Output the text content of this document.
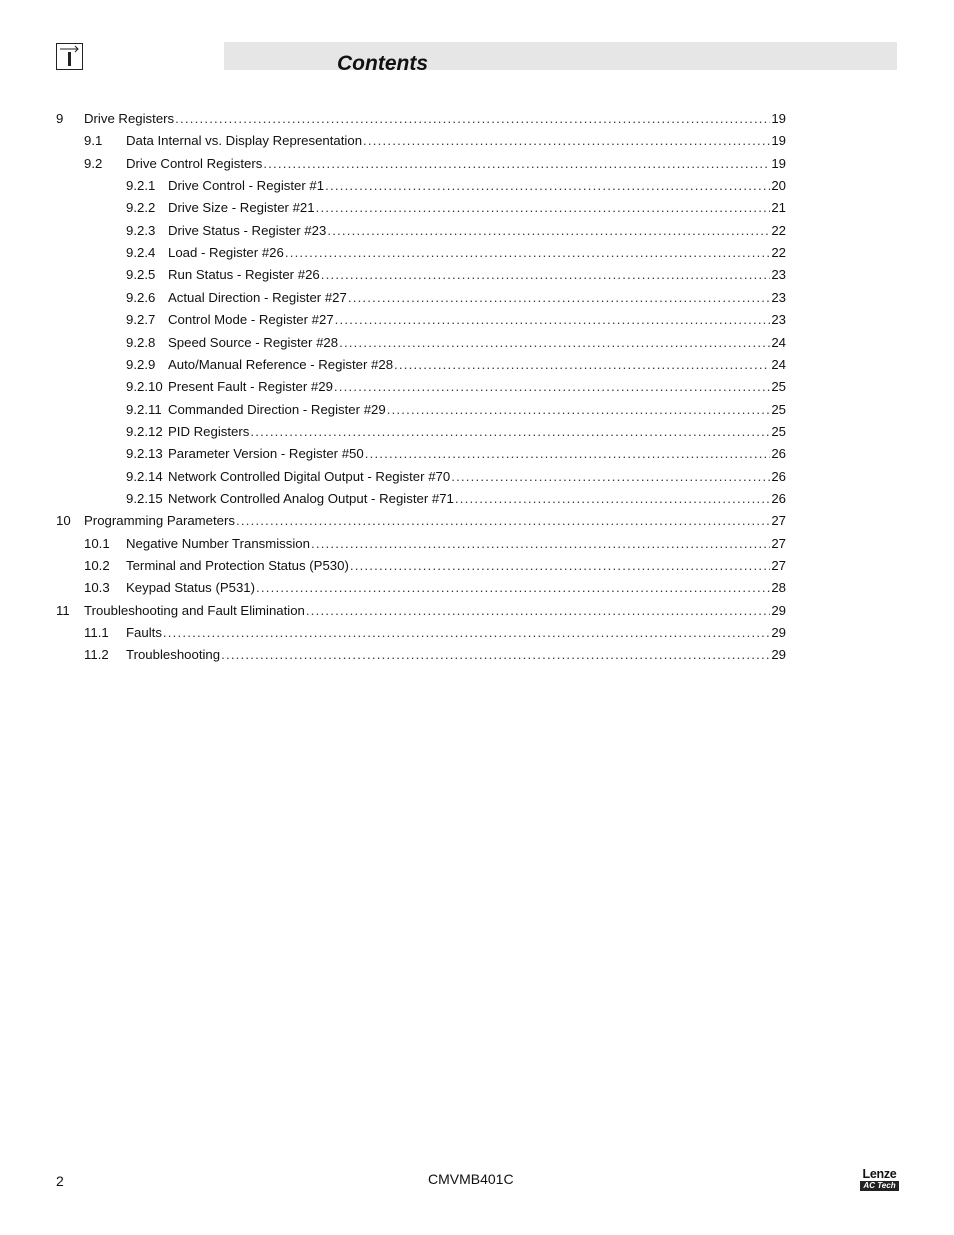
Contents
9	Drive Registers .....	19
9.1	Data Internal vs. Display Representation .....	19
9.2	Drive Control Registers .....	19
9.2.1 Drive Control - Register #1 .....	20
9.2.2 Drive Size - Register #21 .....	21
9.2.3 Drive Status - Register #23 .....	22
9.2.4 Load - Register #26 .....	22
9.2.5 Run Status - Register #26 .....	23
9.2.6 Actual Direction - Register #27 .....	23
9.2.7 Control Mode - Register #27 .....	23
9.2.8 Speed Source - Register #28 .....	24
9.2.9 Auto/Manual Reference - Register #28 .....	24
9.2.10 Present Fault - Register #29 .....	25
9.2.11 Commanded Direction - Register #29 .....	25
9.2.12 PID Registers .....	25
9.2.13 Parameter Version - Register #50 .....	26
9.2.14 Network Controlled Digital Output - Register #70 .....	26
9.2.15 Network Controlled Analog Output - Register #71 .....	26
10	Programming Parameters .....	27
10.1	Negative Number Transmission .....	27
10.2	Terminal and Protection Status (P530) .....	27
10.3	Keypad Status (P531) .....	28
11	Troubleshooting and Fault Elimination .....	29
11.1	Faults .....	29
11.2	Troubleshooting .....	29
2	CMVMB401C	Lenze
AC Tech
